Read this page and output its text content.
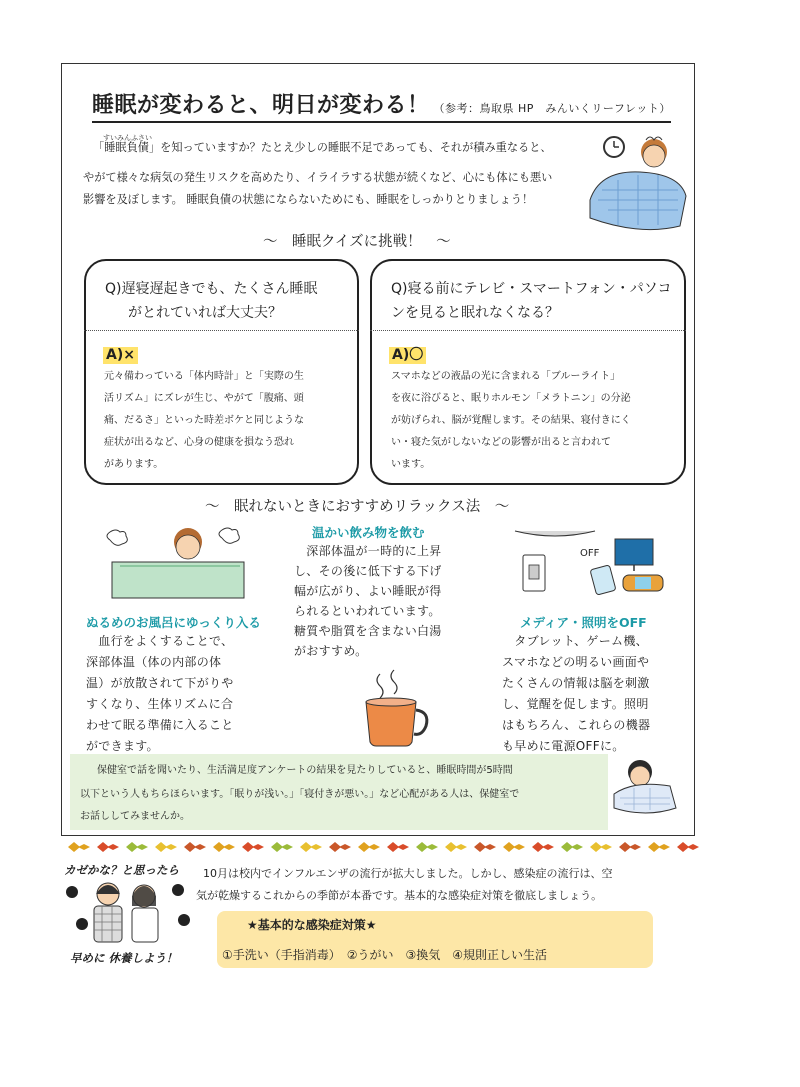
睡眠が変わると、明日が変わる！ （参考：鳥取県 HP　みんいくリーフレット）
すいみんふさい
「睡眠負債」を知っていますか？たとえ少しの睡眠不足であっても、それが積み重なると、
やがて様々な病気の発生リスクを高めたり、イライラする状態が続くなど、心にも体にも悪い
影響を及ぼします。 睡眠負債の状態にならないためにも、睡眠をしっかりとりましょう！
～　睡眠クイズに挑戦！　～
Q)遅寝遅起きでも、たくさん睡眠
がとれていれば大丈夫？
A)×
元々備わっている「体内時計」と「実際の生
活リズム」にズレが生じ、やがて「腹痛、頭
痛、だるさ」といった時差ボケと同じような
症状が出るなど、心身の健康を損なう恐れ
があります。
Q)寝る前にテレビ・スマートフォン・パソコ
ンを見ると眠れなくなる？
A)〇
スマホなどの液晶の光に含まれる「ブルーライト」
を夜に浴びると、眠りホルモン「メラトニン」の分泌
が妨げられ、脳が覚醒します。その結果、寝付きにく
い・寝た気がしないなどの影響が出ると言われて
います。
～　眠れないときにおすすめリラックス法　～
ぬるめのお風呂にゆっくり入る
　血行をよくすることで、
深部体温（体の内部の体
温）が放散されて下がりや
すくなり、生体リズムに合
わせて眠る準備に入ること
ができます。
温かい飲み物を飲む
　深部体温が一時的に上昇
し、その後に低下する下げ
幅が広がり、よい睡眠が得
られるといわれています。
糖質や脂質を含まない白湯
がおすすめ。
OFF
メディア・照明をOFF
　タブレット、ゲーム機、
スマホなどの明るい画面や
たくさんの情報は脳を刺激
し、覚醒を促します。照明
はもちろん、これらの機器
も早めに電源OFFに。
　保健室で話を聞いたり、生活満足度アンケートの結果を見たりしていると、睡眠時間が5時間
以下という人もちらほらいます。「眠りが浅い。」「寝付きが悪い。」など心配がある人は、保健室で
お話ししてみませんか。
カゼかな？と思ったら
早めに 休養しよう！
10月は校内でインフルエンザの流行が拡大しました。しかし、感染症の流行は、空
気が乾燥するこれからの季節が本番です。基本的な感染症対策を徹底しましょう。
★基本的な感染症対策★
①手洗い（手指消毒）　②うがい　③換気　④規則正しい生活
